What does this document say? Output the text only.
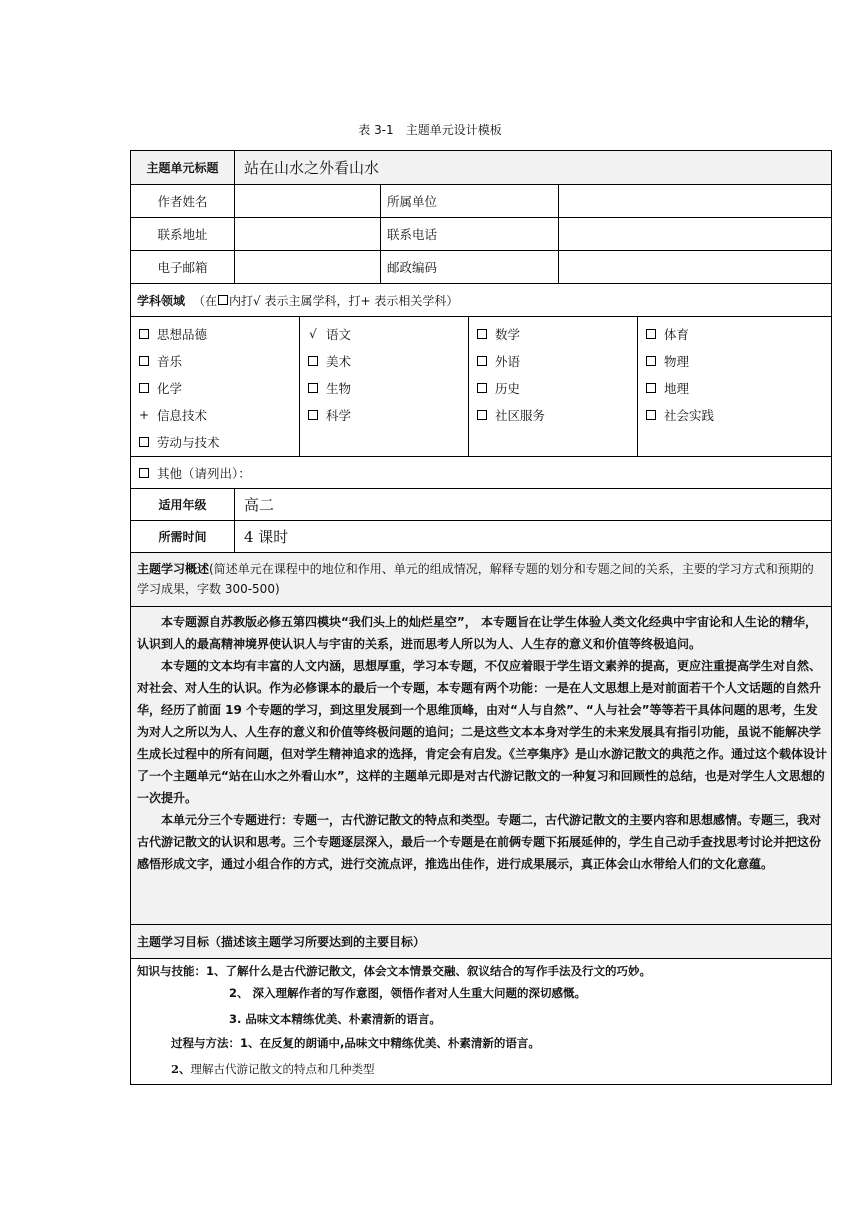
表 3-1　主题单元设计模板
主题单元标题	站在山水之外看山水
作者姓名	所属单位
联系地址	联系电话
电子邮箱	邮政编码
学科领域 （在 内打√ 表示主属学科，打+ 表示相关学科）
思想品德	√ 语文	数学	体育
音乐	美术	外语	物理
化学	生物	历史	地理
+ 信息技术	科学	社区服务	社会实践
劳动与技术
其他（请列出）：
适用年级	高二
所需时间	4 课时
主题学习概述(简述单元在课程中的地位和作用、单元的组成情况，解释专题的划分和专题之间的关系，主要的学习方式和预期的学习成果，字数 300-500)

本专题源自苏教版必修五第四模块“我们头上的灿烂星空”， 本专题旨在让学生体验人类文化经典中宇宙论和人生论的精华，认识到人的最高精神境界使认识人与宇宙的关系，进而思考人所以为人、人生存的意义和价值等终极追问。

本专题的文本均有丰富的人文内涵，思想厚重，学习本专题，不仅应着眼于学生语文素养的提高，更应注重提高学生对自然、对社会、对人生的认识。作为必修课本的最后一个专题，本专题有两个功能：一是在人文思想上是对前面若干个人文话题的自然升华，经历了前面 19 个专题的学习，到这里发展到一个思维顶峰，由对“人与自然”、“人与社会”等等若干具体问题的思考，生发为对人之所以为人、人生存的意义和价值等终极问题的追问；二是这些文本本身对学生的未来发展具有指引功能，虽说不能解决学生成长过程中的所有问题，但对学生精神追求的选择，肯定会有启发。《兰亭集序》是山水游记散文的典范之作。通过这个载体设计了一个主题单元“站在山水之外看山水”，这样的主题单元即是对古代游记散文的一种复习和回顾性的总结，也是对学生人文思想的一次提升。

本单元分三个专题进行：专题一，古代游记散文的特点和类型。专题二，古代游记散文的主要内容和思想感情。专题三，我对古代游记散文的认识和思考。三个专题逐层深入，最后一个专题是在前俩专题下拓展延伸的，学生自己动手查找思考讨论并把这份感悟形成文字，通过小组合作的方式，进行交流点评，推选出佳作，进行成果展示，真正体会山水带给人们的文化意蕴。

主题学习目标（描述该主题学习所要达到的主要目标）
知识与技能：1、了解什么是古代游记散文，体会文本情景交融、叙议结合的写作手法及行文的巧妙。
2、 深入理解作者的写作意图，领悟作者对人生重大问题的深切感慨。
3. 品味文本精练优美、朴素清新的语言。
过程与方法：1、在反复的朗诵中,品味文中精练优美、朴素清新的语言。
2、理解古代游记散文的特点和几种类型
